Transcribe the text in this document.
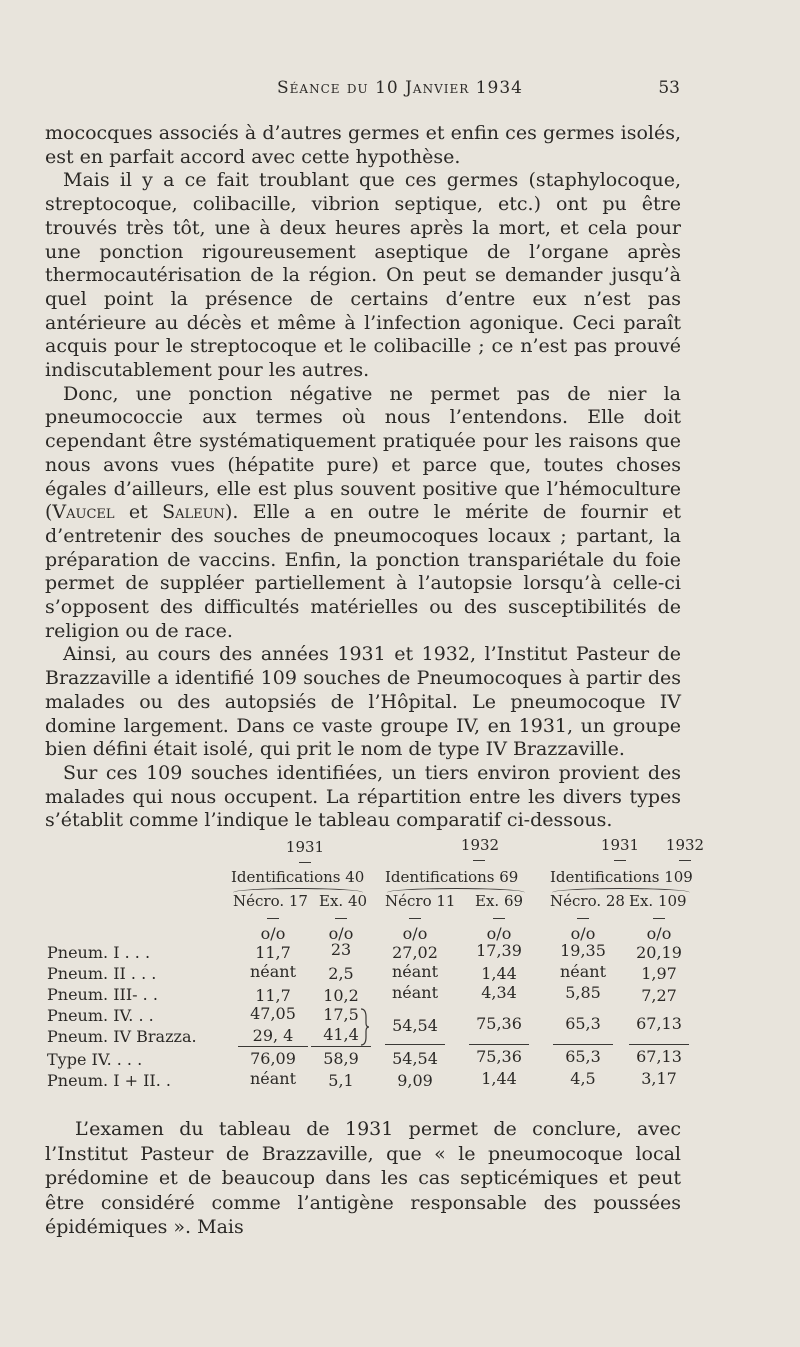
Séance du 10 Janvier 1934	53

mococques associés à d’autres germes et enfin ces germes isolés, est en parfait accord avec cette hypothèse.

Mais il y a ce fait troublant que ces germes (staphylocoque, streptocoque, colibacille, vibrion septique, etc.) ont pu être trouvés très tôt, une à deux heures après la mort, et cela pour une ponction rigoureusement aseptique de l’organe après thermocautérisation de la région. On peut se demander jusqu’à quel point la présence de certains d’entre eux n’est pas antérieure au décès et même à l’infection agonique. Ceci paraît acquis pour le streptocoque et le colibacille ; ce n’est pas prouvé indiscutablement pour les autres.

Donc, une ponction négative ne permet pas de nier la pneumococcie aux termes où nous l’entendons. Elle doit cependant être systématiquement pratiquée pour les raisons que nous avons vues (hépatite pure) et parce que, toutes choses égales d’ailleurs, elle est plus souvent positive que l’hémoculture (Vaucel et Saleun). Elle a en outre le mérite de fournir et d’entretenir des souches de pneumocoques locaux ; partant, la préparation de vaccins. Enfin, la ponction transpariétale du foie permet de suppléer partiellement à l’autopsie lorsqu’à celle-ci s’opposent des difficultés matérielles ou des susceptibilités de religion ou de race.

Ainsi, au cours des années 1931 et 1932, l’Institut Pasteur de Brazzaville a identifié 109 souches de Pneumocoques à partir des malades ou des autopsiés de l’Hôpital. Le pneumocoque IV domine largement. Dans ce vaste groupe IV, en 1931, un groupe bien défini était isolé, qui prit le nom de type IV Brazzaville.

Sur ces 109 souches identifiées, un tiers environ provient des malades qui nous occupent. La répartition entre les divers types s’établit comme l’indique le tableau comparatif ci-dessous.

1931	1932	1931	1932
Identifications 40 Identifications 69 Identifications 109
Nécro. 17 Ex. 40 Nécro 11 Ex. 69 Nécro. 28 Ex. 109
o/o	o/o	o/o	o/o	o/o	o/o
Pneum. I . . .	11,7	23	27,02	17,39	19,35	20,19
Pneum. II . . .	néant	2,5	néant	1,44	néant	1,97
Pneum. III- . .	11,7	10,2	néant	4,34	5,85	7,27
Pneum. IV. . .	47,05	17,5
Pneum. IV Brazza.	29, 4	41,4	54,54	75,36	65,3	67,13
Type IV. . . .	76,09	58,9	54,54	75,36	65,3	67,13
Pneum. I + II. .	néant	5,1	9,09	1,44	4,5	3,17

L’examen du tableau de 1931 permet de conclure, avec l’Institut Pasteur de Brazzaville, que « le pneumocoque local prédomine et de beaucoup dans les cas septicémiques et peut être considéré comme l’antigène responsable des poussées épidémiques ». Mais
